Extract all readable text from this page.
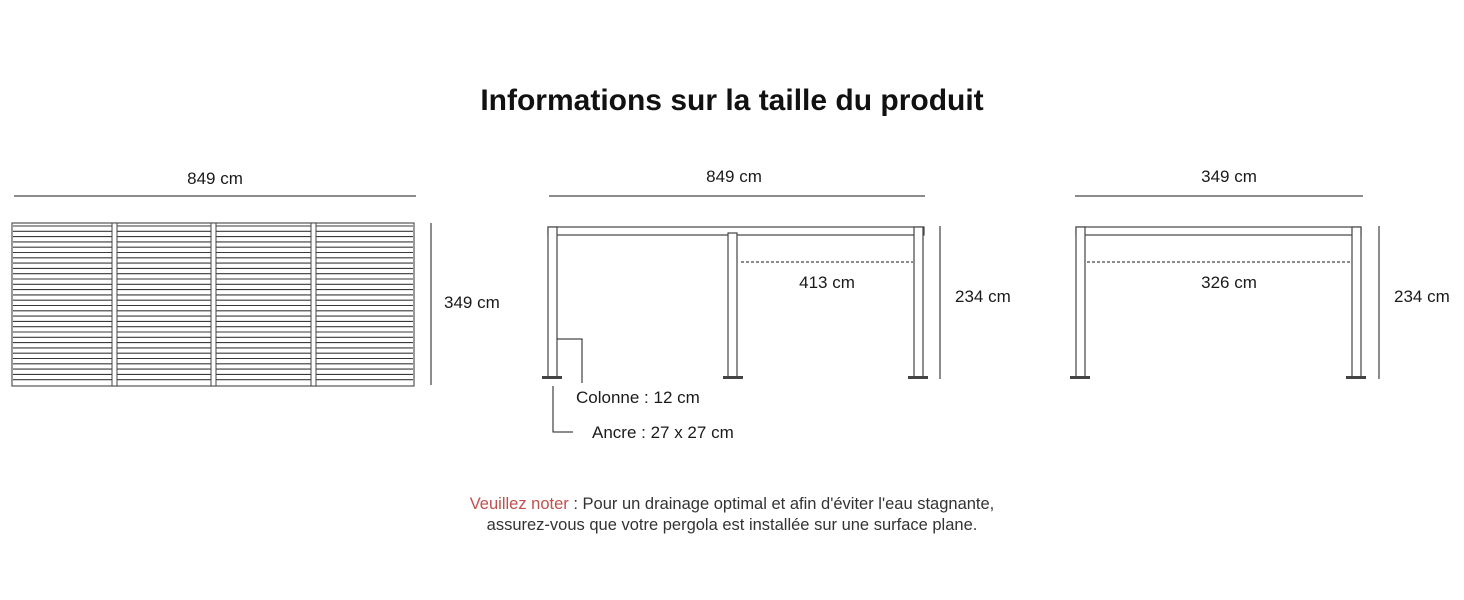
Informations sur la taille du produit
849 cm
349 cm
849 cm
413 cm
234 cm
Colonne : 12 cm
Ancre : 27 x 27 cm
349 cm
326 cm
234 cm
Veuillez noter : Pour un drainage optimal et afin d'éviter l'eau stagnante,
assurez-vous que votre pergola est installée sur une surface plane.
